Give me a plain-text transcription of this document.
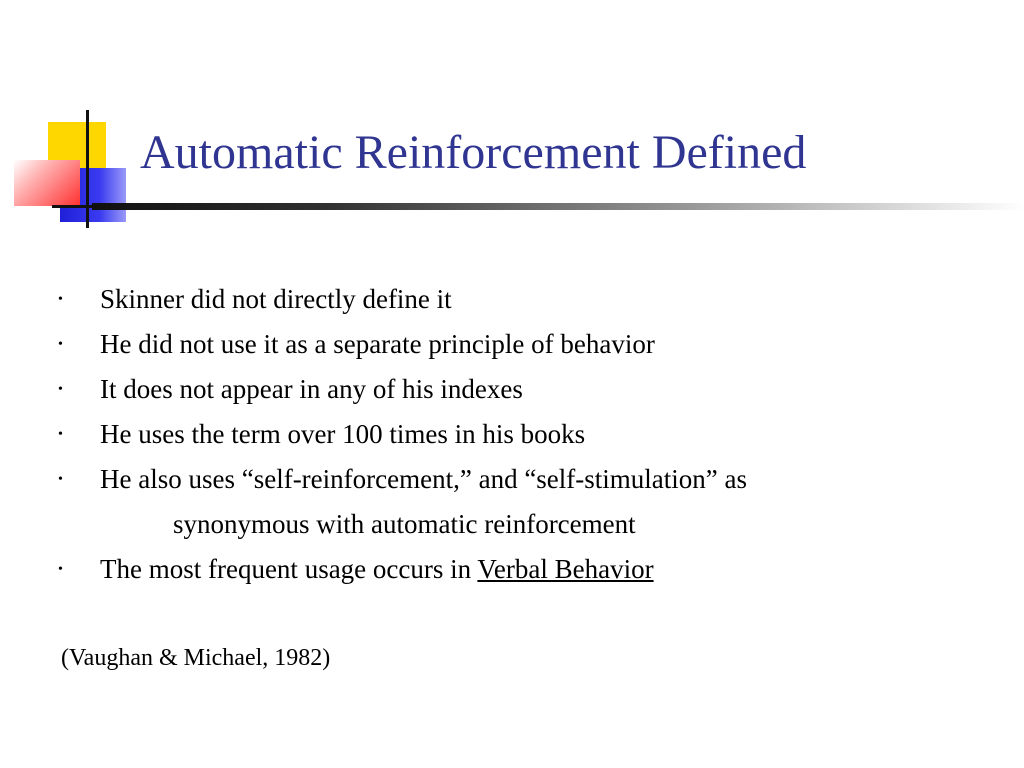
Automatic Reinforcement Defined
• Skinner did not directly define it
• He did not use it as a separate principle of behavior
• It does not appear in any of his indexes
• He uses the term over 100 times in his books
• He also uses “self-reinforcement,” and “self-stimulation” as
synonymous with automatic reinforcement
• The most frequent usage occurs in Verbal Behavior

(Vaughan & Michael, 1982)
